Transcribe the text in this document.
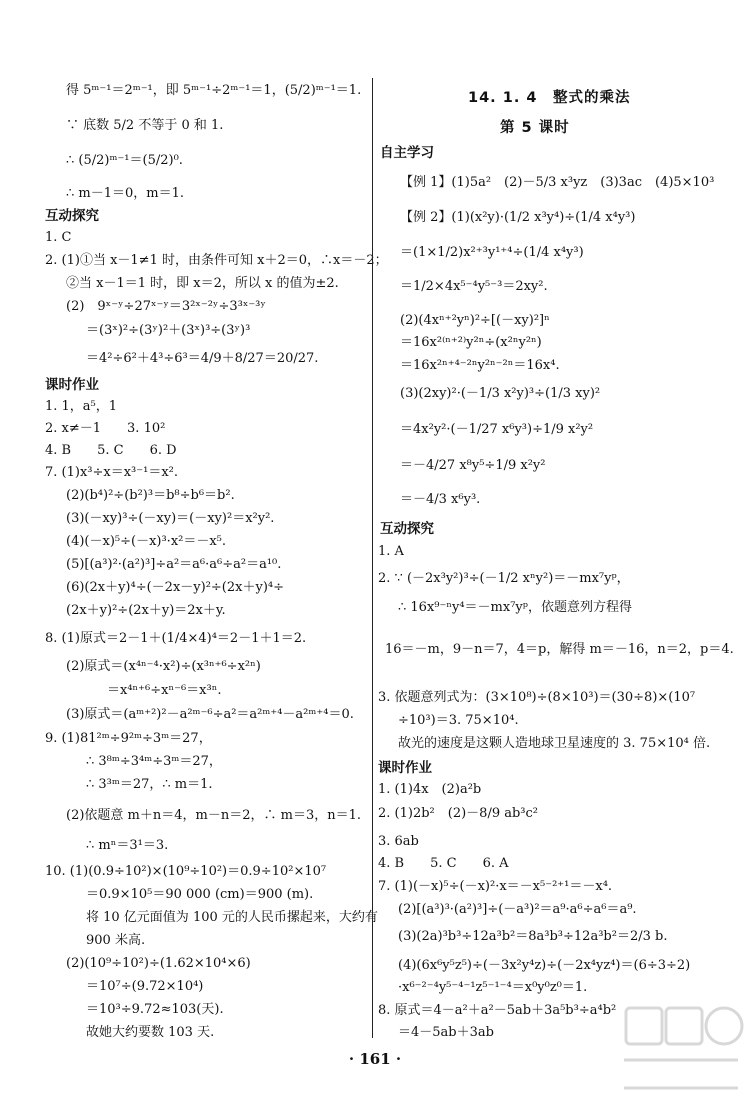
得 5ᵐ⁻¹＝2ᵐ⁻¹，即 5ᵐ⁻¹÷2ᵐ⁻¹＝1，(5/2)ᵐ⁻¹＝1.
∵ 底数 5/2 不等于 0 和 1.
∴ (5/2)ᵐ⁻¹＝(5/2)⁰.
∴ m－1＝0，m＝1.
互动探究
1. C
2. (1)①当 x－1≠1 时，由条件可知 x＋2＝0，∴x＝－2；
②当 x－1＝1 时，即 x＝2，所以 x 的值为±2.
(2)　9ˣ⁻ʸ÷27ˣ⁻ʸ＝3²ˣ⁻²ʸ÷3³ˣ⁻³ʸ
＝(3ˣ)²÷(3ʸ)²＋(3ˣ)³÷(3ʸ)³
＝4²÷6²＋4³÷6³＝4/9＋8/27＝20/27.
课时作业
1. 1，a⁵，1
2. x≠－1　　3. 10²
4. B　　5. C　　6. D
7. (1)x³÷x＝x³⁻¹＝x².
(2)(b⁴)²÷(b²)³＝b⁸÷b⁶＝b².
(3)(－xy)³÷(－xy)＝(－xy)²＝x²y².
(4)(－x)⁵÷(－x)³·x²＝－x⁵.
(5)[(a³)²·(a²)³]÷a²＝a⁶·a⁶÷a²＝a¹⁰.
(6)(2x＋y)⁴÷(－2x－y)²÷(2x＋y)⁴÷
(2x＋y)²÷(2x＋y)＝2x＋y.
8. (1)原式＝2－1＋(1/4×4)⁴＝2－1＋1＝2.
(2)原式＝(x⁴ⁿ⁻⁴·x²)÷(x³ⁿ⁺⁶÷x²ⁿ)
＝x⁴ⁿ⁺⁶÷xⁿ⁻⁶＝x³ⁿ.
(3)原式＝(aᵐ⁺²)²－a²ᵐ⁻⁶÷a²＝a²ᵐ⁺⁴－a²ᵐ⁺⁴＝0.
9. (1)81²ᵐ÷9²ᵐ÷3ᵐ＝27，
∴ 3⁸ᵐ÷3⁴ᵐ÷3ᵐ＝27，
∴ 3³ᵐ＝27，∴ m＝1.
(2)依题意 m＋n＝4，m－n＝2，∴ m＝3，n＝1.
∴ mⁿ＝3¹＝3.
10. (1)(0.9÷10²)×(10⁹÷10²)＝0.9÷10²×10⁷
＝0.9×10⁵＝90 000 (cm)＝900 (m).
将 10 亿元面值为 100 元的人民币摞起来，大约有
900 米高.
(2)(10⁹÷10²)÷(1.62×10⁴×6)
＝10⁷÷(9.72×10⁴)
＝10³÷9.72≈103(天).
故她大约要数 103 天.
14. 1. 4　整式的乘法
第 5 课时
自主学习
【例 1】(1)5a²　(2)－5/3 x³yz　(3)3ac　(4)5×10³
【例 2】(1)(x²y)·(1/2 x³y⁴)÷(1/4 x⁴y³)
＝(1×1/2)x²⁺³y¹⁺⁴÷(1/4 x⁴y³)
＝1/2×4x⁵⁻⁴y⁵⁻³＝2xy².
(2)(4xⁿ⁺²yⁿ)²÷[(－xy)²]ⁿ
＝16x²⁽ⁿ⁺²⁾y²ⁿ÷(x²ⁿy²ⁿ)
＝16x²ⁿ⁺⁴⁻²ⁿy²ⁿ⁻²ⁿ＝16x⁴.
(3)(2xy)²·(－1/3 x²y)³÷(1/3 xy)²
＝4x²y²·(－1/27 x⁶y³)÷1/9 x²y²
＝－4/27 x⁸y⁵÷1/9 x²y²
＝－4/3 x⁶y³.
互动探究
1. A
2. ∵ (－2x³y²)³÷(－1/2 xⁿy²)＝－mx⁷yᵖ，
∴ 16x⁹⁻ⁿy⁴＝－mx⁷yᵖ，依题意列方程得
16＝－m，9－n＝7，4＝p，解得 m＝－16，n＝2，p＝4.
3. 依题意列式为：(3×10⁸)÷(8×10³)＝(30÷8)×(10⁷
÷10³)＝3. 75×10⁴.
故光的速度是这颗人造地球卫星速度的 3. 75×10⁴ 倍.
课时作业
1. (1)4x　(2)a²b
2. (1)2b²　(2)－8/9 ab³c²
3. 6ab
4. B　　5. C　　6. A
7. (1)(－x)⁵÷(－x)²·x＝－x⁵⁻²⁺¹＝－x⁴.
(2)[(a³)³·(a²)³]÷(－a³)²＝a⁹·a⁶÷a⁶＝a⁹.
(3)(2a)³b³÷12a³b²＝8a³b³÷12a³b²＝2/3 b.
(4)(6x⁶y⁵z⁵)÷(－3x²y⁴z)÷(－2x⁴yz⁴)＝(6÷3÷2)
·x⁶⁻²⁻⁴y⁵⁻⁴⁻¹z⁵⁻¹⁻⁴＝x⁰y⁰z⁰＝1.
8. 原式＝4－a²＋a²－5ab＋3a⁵b³÷a⁴b²
＝4－5ab＋3ab
· 161 ·
